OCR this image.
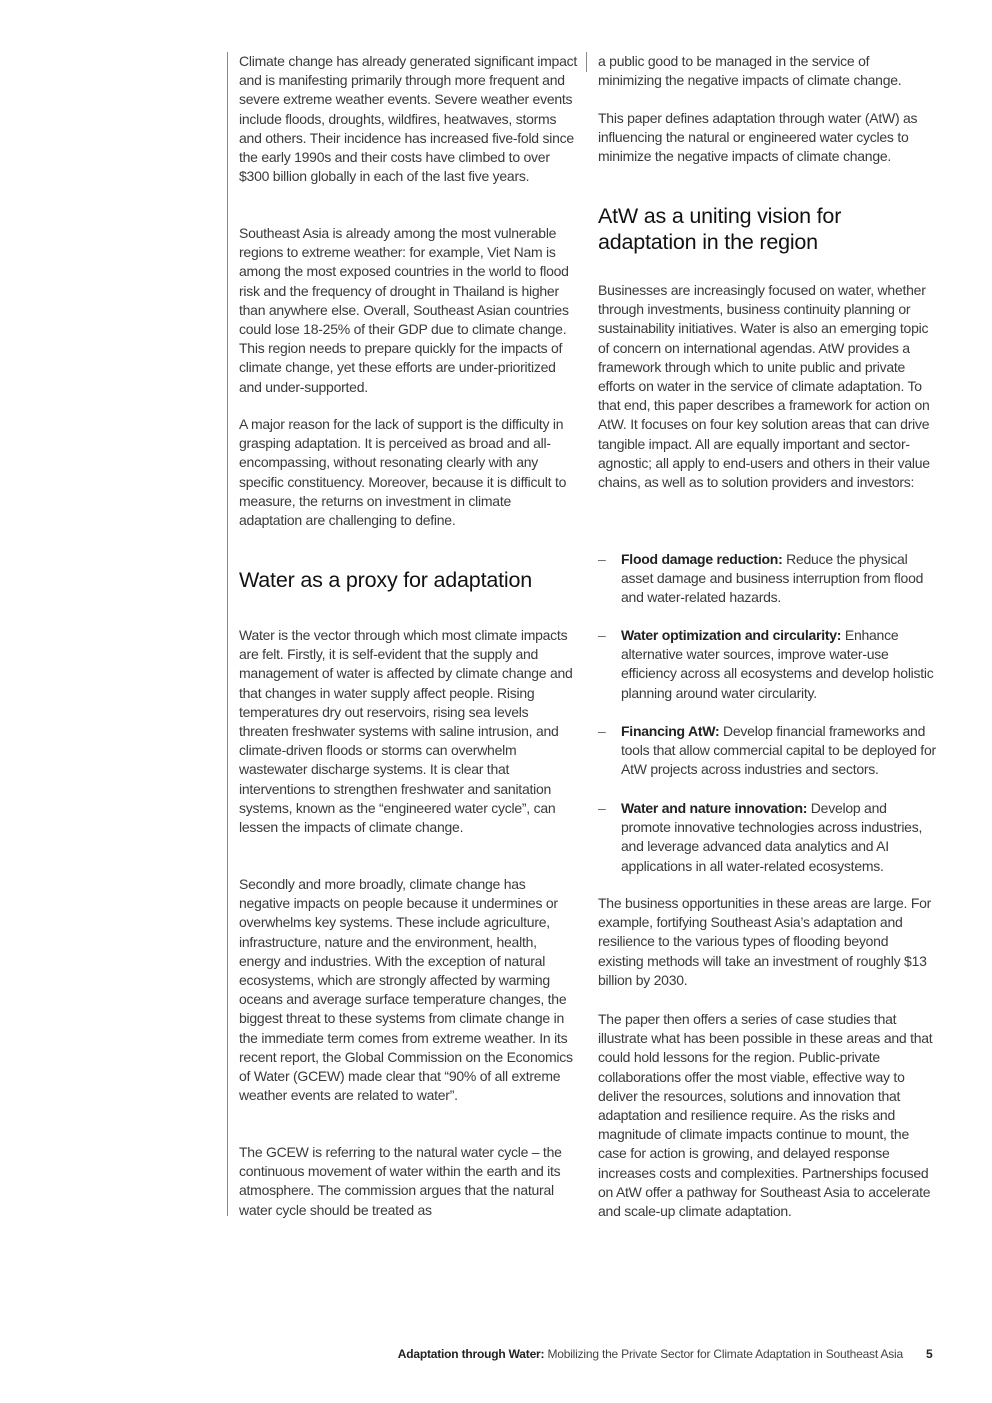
Climate change has already generated significant impact and is manifesting primarily through more frequent and severe extreme weather events. Severe weather events include floods, droughts, wildfires, heatwaves, storms and others. Their incidence has increased five-fold since the early 1990s and their costs have climbed to over $300 billion globally in each of the last five years.

Southeast Asia is already among the most vulnerable regions to extreme weather: for example, Viet Nam is among the most exposed countries in the world to flood risk and the frequency of drought in Thailand is higher than anywhere else. Overall, Southeast Asian countries could lose 18-25% of their GDP due to climate change. This region needs to prepare quickly for the impacts of climate change, yet these efforts are under-prioritized and under-supported.

A major reason for the lack of support is the difficulty in grasping adaptation. It is perceived as broad and all-encompassing, without resonating clearly with any specific constituency. Moreover, because it is difficult to measure, the returns on investment in climate adaptation are challenging to define.

Water as a proxy for adaptation

Water is the vector through which most climate impacts are felt. Firstly, it is self-evident that the supply and management of water is affected by climate change and that changes in water supply affect people. Rising temperatures dry out reservoirs, rising sea levels threaten freshwater systems with saline intrusion, and climate-driven floods or storms can overwhelm wastewater discharge systems. It is clear that interventions to strengthen freshwater and sanitation systems, known as the “engineered water cycle”, can lessen the impacts of climate change.

Secondly and more broadly, climate change has negative impacts on people because it undermines or overwhelms key systems. These include agriculture, infrastructure, nature and the environment, health, energy and industries. With the exception of natural ecosystems, which are strongly affected by warming oceans and average surface temperature changes, the biggest threat to these systems from climate change in the immediate term comes from extreme weather. In its recent report, the Global Commission on the Economics of Water (GCEW) made clear that “90% of all extreme weather events are related to water”.

The GCEW is referring to the natural water cycle – the continuous movement of water within the earth and its atmosphere. The commission argues that the natural water cycle should be treated as

a public good to be managed in the service of minimizing the negative impacts of climate change.

This paper defines adaptation through water (AtW) as influencing the natural or engineered water cycles to minimize the negative impacts of climate change.

AtW as a uniting vision for adaptation in the region

Businesses are increasingly focused on water, whether through investments, business continuity planning or sustainability initiatives. Water is also an emerging topic of concern on international agendas. AtW provides a framework through which to unite public and private efforts on water in the service of climate adaptation. To that end, this paper describes a framework for action on AtW. It focuses on four key solution areas that can drive tangible impact. All are equally important and sector-agnostic; all apply to end-users and others in their value chains, as well as to solution providers and investors:

– Flood damage reduction: Reduce the physical asset damage and business interruption from flood and water-related hazards.
– Water optimization and circularity: Enhance alternative water sources, improve water-use efficiency across all ecosystems and develop holistic planning around water circularity.
– Financing AtW: Develop financial frameworks and tools that allow commercial capital to be deployed for AtW projects across industries and sectors.
– Water and nature innovation: Develop and promote innovative technologies across industries, and leverage advanced data analytics and AI applications in all water-related ecosystems.

The business opportunities in these areas are large. For example, fortifying Southeast Asia’s adaptation and resilience to the various types of flooding beyond existing methods will take an investment of roughly $13 billion by 2030.

The paper then offers a series of case studies that illustrate what has been possible in these areas and that could hold lessons for the region. Public-private collaborations offer the most viable, effective way to deliver the resources, solutions and innovation that adaptation and resilience require. As the risks and magnitude of climate impacts continue to mount, the case for action is growing, and delayed response increases costs and complexities. Partnerships focused on AtW offer a pathway for Southeast Asia to accelerate and scale-up climate adaptation.

Adaptation through Water: Mobilizing the Private Sector for Climate Adaptation in Southeast Asia 5
